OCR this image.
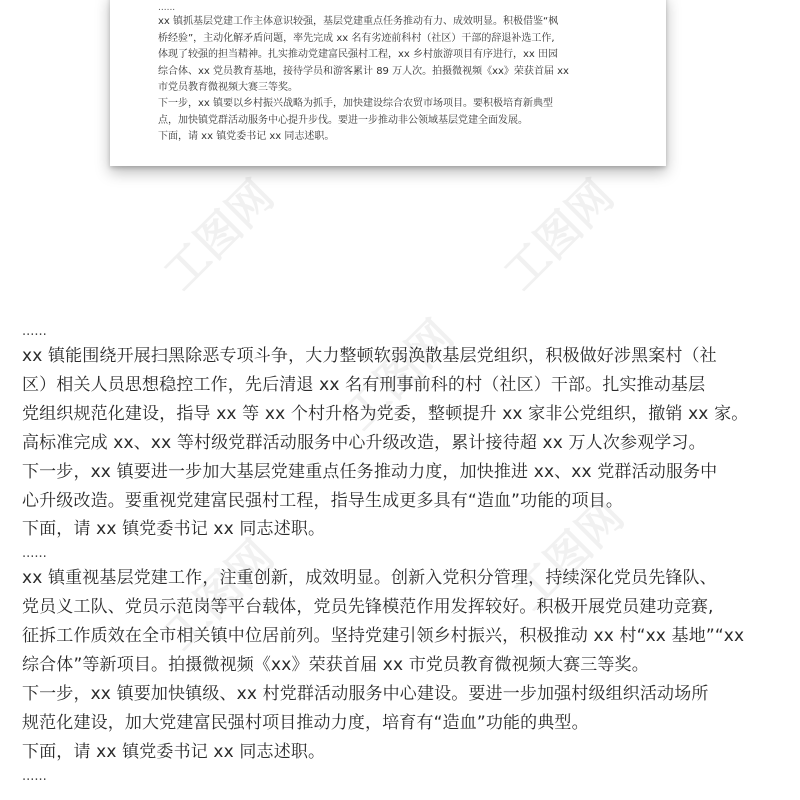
工图网	工图网
工图网
工图网	工图网
......
xx 镇抓基层党建工作主体意识较强，基层党建重点任务推动有力、成效明显。积极借鉴“枫
桥经验”，主动化解矛盾问题，率先完成 xx 名有劣迹前科村（社区）干部的辞退补选工作,
体现了较强的担当精神。扎实推动党建富民强村工程，xx 乡村旅游项目有序进行，xx 田园
综合体、xx 党员教育基地，接待学员和游客累计 89 万人次。拍摄微视频《xx》荣获首届 xx
市党员教育微视频大赛三等奖。
下一步，xx 镇要以乡村振兴战略为抓手，加快建设综合农贸市场项目。要积极培育新典型
点，加快镇党群活动服务中心提升步伐。要进一步推动非公领域基层党建全面发展。
下面，请 xx 镇党委书记 xx 同志述职。
......
xx 镇能围绕开展扫黑除恶专项斗争，大力整顿软弱涣散基层党组织，积极做好涉黑案村（社
区）相关人员思想稳控工作，先后清退 xx 名有刑事前科的村（社区）干部。扎实推动基层
党组织规范化建设，指导 xx 等 xx 个村升格为党委，整顿提升 xx 家非公党组织，撤销 xx 家。
高标准完成 xx、xx 等村级党群活动服务中心升级改造，累计接待超 xx 万人次参观学习。
下一步，xx 镇要进一步加大基层党建重点任务推动力度，加快推进 xx、xx 党群活动服务中
心升级改造。要重视党建富民强村工程，指导生成更多具有“造血”功能的项目。
下面，请 xx 镇党委书记 xx 同志述职。
......
xx 镇重视基层党建工作，注重创新，成效明显。创新入党积分管理，持续深化党员先锋队、
党员义工队、党员示范岗等平台载体，党员先锋模范作用发挥较好。积极开展党员建功竞赛,
征拆工作质效在全市相关镇中位居前列。坚持党建引领乡村振兴，积极推动 xx 村“xx 基地”“xx
综合体”等新项目。拍摄微视频《xx》荣获首届 xx 市党员教育微视频大赛三等奖。
下一步，xx 镇要加快镇级、xx 村党群活动服务中心建设。要进一步加强村级组织活动场所
规范化建设，加大党建富民强村项目推动力度，培育有“造血”功能的典型。
下面，请 xx 镇党委书记 xx 同志述职。
......
